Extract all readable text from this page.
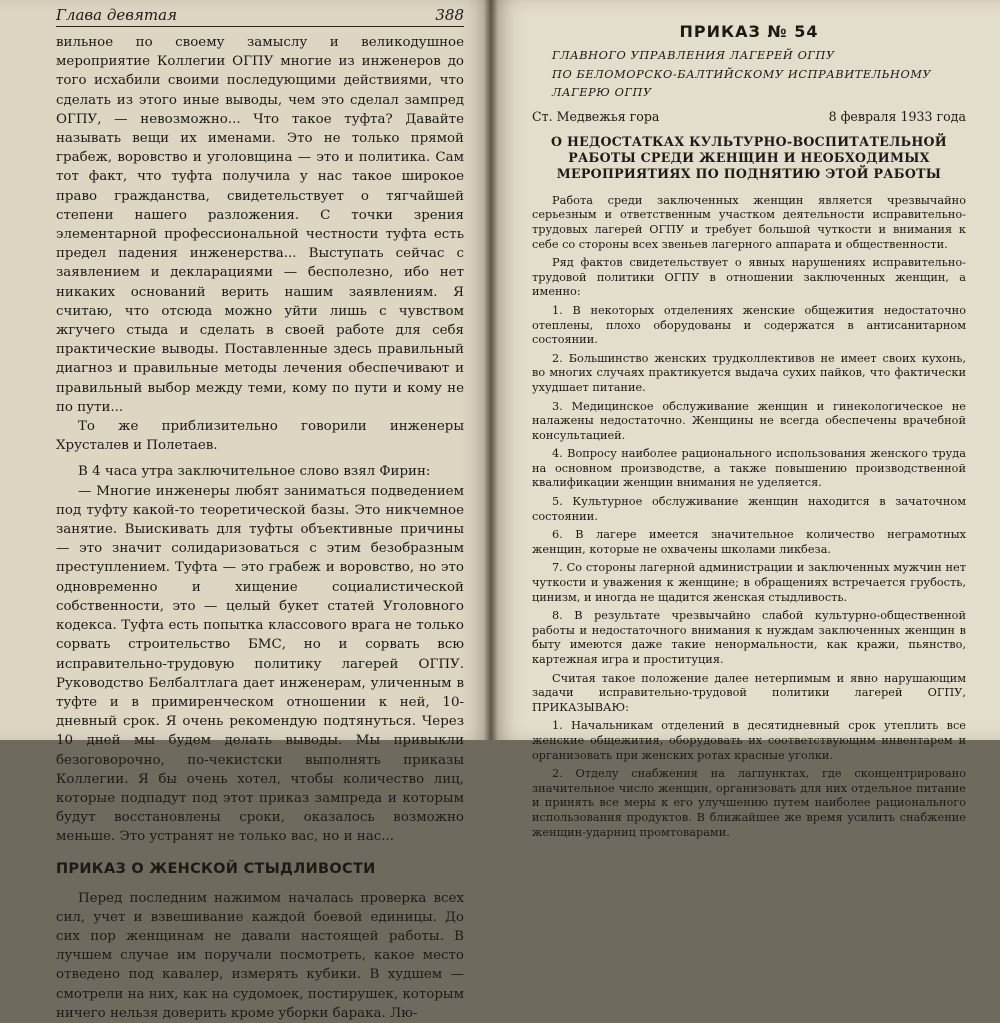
Глава девятая	388

вильное по своему замыслу и великодушное мероприятие Коллегии ОГПУ многие из инженеров до того исхабили своими последующими действиями, что сделать из этого иные выводы, чем это сделал зампред ОГПУ, — невозможно... Что такое туфта? Давайте называть вещи их именами. Это не только прямой грабеж, воровство и уголовщина — это и политика. Сам тот факт, что туфта получила у нас такое широкое право гражданства, свидетельствует о тягчайшей степени нашего разложения. С точки зрения элементарной профессиональной честности туфта есть предел падения инженерства... Выступать сейчас с заявлением и декларациями — бесполезно, ибо нет никаких оснований верить нашим заявлениям. Я считаю, что отсюда можно уйти лишь с чувством жгучего стыда и сделать в своей работе для себя практические выводы. Поставленные здесь правильный диагноз и правильные методы лечения обеспечивают и правильный выбор между теми, кому по пути и кому не по пути...

То же приблизительно говорили инженеры Хрусталев и Полетаев.

В 4 часа утра заключительное слово взял Фирин:

— Многие инженеры любят заниматься подведением под туфту какой-то теоретической базы. Это никчемное занятие. Выискивать для туфты объективные причины — это значит солидаризоваться с этим безобразным преступлением. Туфта — это грабеж и воровство, но это одновременно и хищение социалистической собственности, это — целый букет статей Уголовного кодекса. Туфта есть попытка классового врага не только сорвать строительство БМС, но и сорвать всю исправительно-трудовую политику лагерей ОГПУ. Руководство Белбалтлага дает инженерам, уличенным в туфте и в примиренческом отношении к ней, 10-дневный срок. Я очень рекомендую подтянуться. Через 10 дней мы будем делать выводы. Мы привыкли безоговорочно, по-чекистски выполнять приказы Коллегии. Я бы очень хотел, чтобы количество лиц, которые подпадут под этот приказ зампреда и которым будут восстановлены сроки, оказалось возможно меньше. Это устранят не только вас, но и нас...

ПРИКАЗ О ЖЕНСКОЙ СТЫДЛИВОСТИ

Перед последним нажимом началась проверка всех сил, учет и взвешивание каждой боевой единицы. До сих пор женщинам не давали настоящей работы. В лучшем случае им поручали посмотреть, какое место отведено под кавалер, измерять кубики. В худшем — смотрели на них, как на судомоек, постирушек, которым ничего нельзя доверить кроме уборки барака. Лю-

ПРИКАЗ № 54

ГЛАВНОГО УПРАВЛЕНИЯ ЛАГЕРЕЙ ОГПУ

ПО БЕЛОМОРСКО-БАЛТИЙСКОМУ ИСПРАВИТЕЛЬНОМУ

ЛАГЕРЮ ОГПУ

Ст. Медвежья гора	8 февраля 1933 года
О НЕДОСТАТКАХ КУЛЬТУРНО-ВОСПИТАТЕЛЬНОЙ РАБОТЫ СРЕДИ ЖЕНЩИН И НЕОБХОДИМЫХ МЕРОПРИЯТИЯХ ПО ПОДНЯТИЮ ЭТОЙ РАБОТЫ

Работа среди заключенных женщин является чрезвычайно серьезным и ответственным участком деятельности исправительно-трудовых лагерей ОГПУ и требует большой чуткости и внимания к себе со стороны всех звеньев лагерного аппарата и общественности.

Ряд фактов свидетельствует о явных нарушениях исправительно-трудовой политики ОГПУ в отношении заключенных женщин, а именно:

1. В некоторых отделениях женские общежития недостаточно отеплены, плохо оборудованы и содержатся в антисанитарном состоянии.

2. Большинство женских трудколлективов не имеет своих кухонь, во многих случаях практикуется выдача сухих пайков, что фактически ухудшает питание.

3. Медицинское обслуживание женщин и гинекологическое не налажены недостаточно. Женщины не всегда обеспечены врачебной консультацией.

4. Вопросу наиболее рационального использования женского труда на основном производстве, а также повышению производственной квалификации женщин внимания не уделяется.

5. Культурное обслуживание женщин находится в зачаточном состоянии.

6. В лагере имеется значительное количество неграмотных женщин, которые не охвачены школами ликбеза.

7. Со стороны лагерной администрации и заключенных мужчин нет чуткости и уважения к женщине; в обращениях встречается грубость, цинизм, и иногда не щадится женская стыдливость.

8. В результате чрезвычайно слабой культурно-общественной работы и недостаточного внимания к нуждам заключенных женщин в быту имеются даже такие ненормальности, как кражи, пьянство, картежная игра и проституция.

Считая такое положение далее нетерпимым и явно нарушающим задачи исправительно-трудовой политики лагерей ОГПУ, ПРИКАЗЫВАЮ:

1. Начальникам отделений в десятидневный срок утеплить все женские общежития, оборудовать их соответствующим инвентарем и организовать при женских ротах красные уголки.

2. Отделу снабжения на лагпунктах, где сконцентрировано значительное число женщин, организовать для них отдельное питание и принять все меры к его улучшению путем наиболее рационального использования продуктов. В ближайшее же время усилить снабжение женщин-ударниц промтоварами.
